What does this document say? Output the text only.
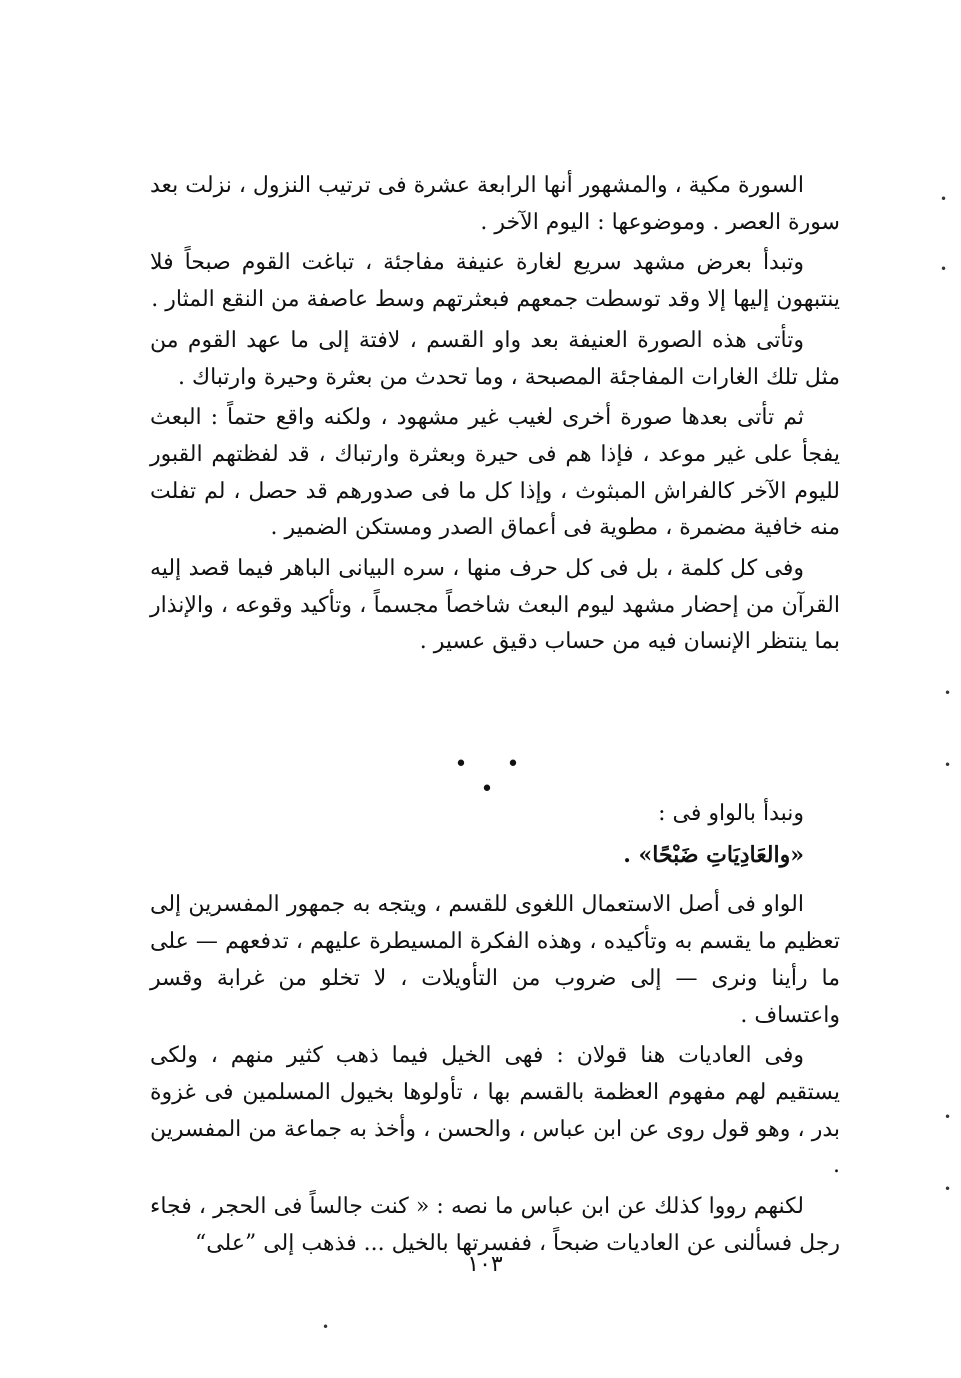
•
•
•
•
•
•
•

السورة مكية ، والمشهور أنها الرابعة عشرة فى ترتيب النزول ، نزلت بعد سورة العصر . وموضوعها : اليوم الآخر .

وتبدأ بعرض مشهد سريع لغارة عنيفة مفاجئة ، تباغت القوم صبحاً فلا ينتبهون إليها إلا وقد توسطت جمعهم فبعثرتهم وسط عاصفة من النقع المثار .

وتأتى هذه الصورة العنيفة بعد واو القسم ، لافتة إلى ما عهد القوم من مثل تلك الغارات المفاجئة المصبحة ، وما تحدث من بعثرة وحيرة وارتباك .

ثم تأتى بعدها صورة أخرى لغيب غير مشهود ، ولكنه واقع حتماً : البعث يفجأ على غير موعد ، فإذا هم فى حيرة وبعثرة وارتباك ، قد لفظتهم القبور لليوم الآخر كالفراش المبثوث ، وإذا كل ما فى صدورهم قد حصل ، لم تفلت منه خافية مضمرة ، مطوية فى أعماق الصدر ومستكن الضمير .

وفى كل كلمة ، بل فى كل حرف منها ، سره البيانى الباهر فيما قصد إليه القرآن من إحضار مشهد ليوم البعث شاخصاً مجسماً ، وتأكيد وقوعه ، والإنذار بما ينتظر الإنسان فيه من حساب دقيق عسير .

• • •

ونبدأ بالواو فى :

«والعَادِيَاتِ ضَبْحًا» .

الواو فى أصل الاستعمال اللغوى للقسم ، ويتجه به جمهور المفسرين إلى تعظيم ما يقسم به وتأكيده ، وهذه الفكرة المسيطرة عليهم ، تدفعهم — على ما رأينا ونرى — إلى ضروب من التأويلات ، لا تخلو من غرابة وقسر واعتساف .

وفى العاديات هنا قولان : فهى الخيل فيما ذهب كثير منهم ، ولكى يستقيم لهم مفهوم العظمة بالقسم بها ، تأولوها بخيول المسلمين فى غزوة بدر ، وهو قول روى عن ابن عباس ، والحسن ، وأخذ به جماعة من المفسرين .

لكنهم رووا كذلك عن ابن عباس ما نصه : « كنت جالساً فى الحجر ، فجاء رجل فسألنى عن العاديات ضبحاً ، ففسرتها بالخيل ... فذهب إلى ”على“

١٠٣
